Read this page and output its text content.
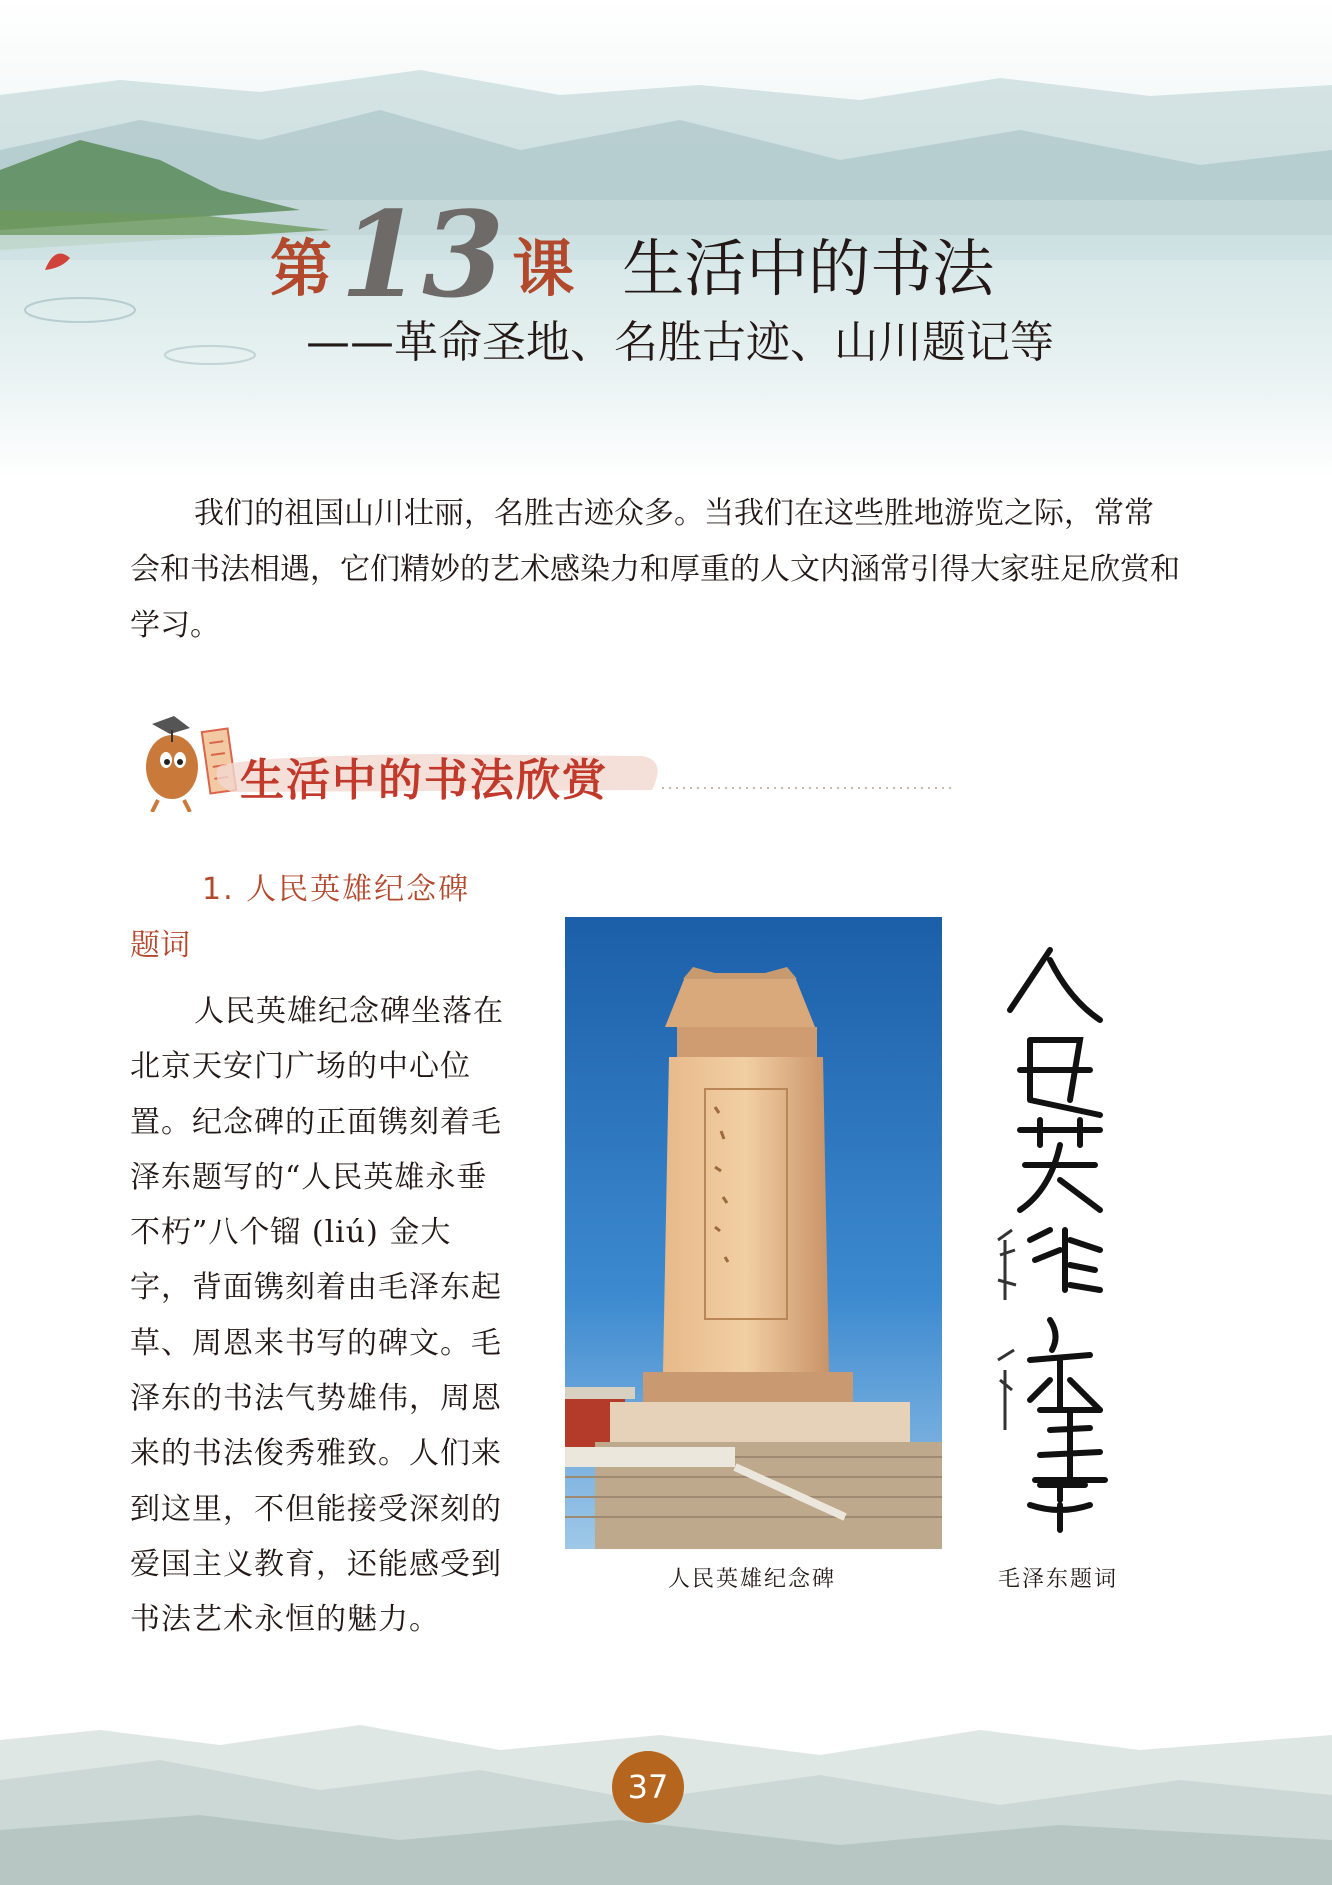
第13 课 生活中的书法
——革命圣地、名胜古迹、山川题记等

我们的祖国山川壮丽，名胜古迹众多。当我们在这些胜地游览之际，常常会和书法相遇，它们精妙的艺术感染力和厚重的人文内涵常引得大家驻足欣赏和学习。

生活中的书法欣赏
1. 人民英雄纪念碑
题词

人民英雄纪念碑坐落在北京天安门广场的中心位置。纪念碑的正面镌刻着毛泽东题写的“人民英雄永垂不朽”八个镏 (liú) 金大字，背面镌刻着由毛泽东起草、周恩来书写的碑文。毛泽东的书法气势雄伟，周恩来的书法俊秀雅致。人们来到这里，不但能接受深刻的爱国主义教育，还能感受到书法艺术永恒的魅力。

人民英雄纪念碑	毛泽东题词
37
